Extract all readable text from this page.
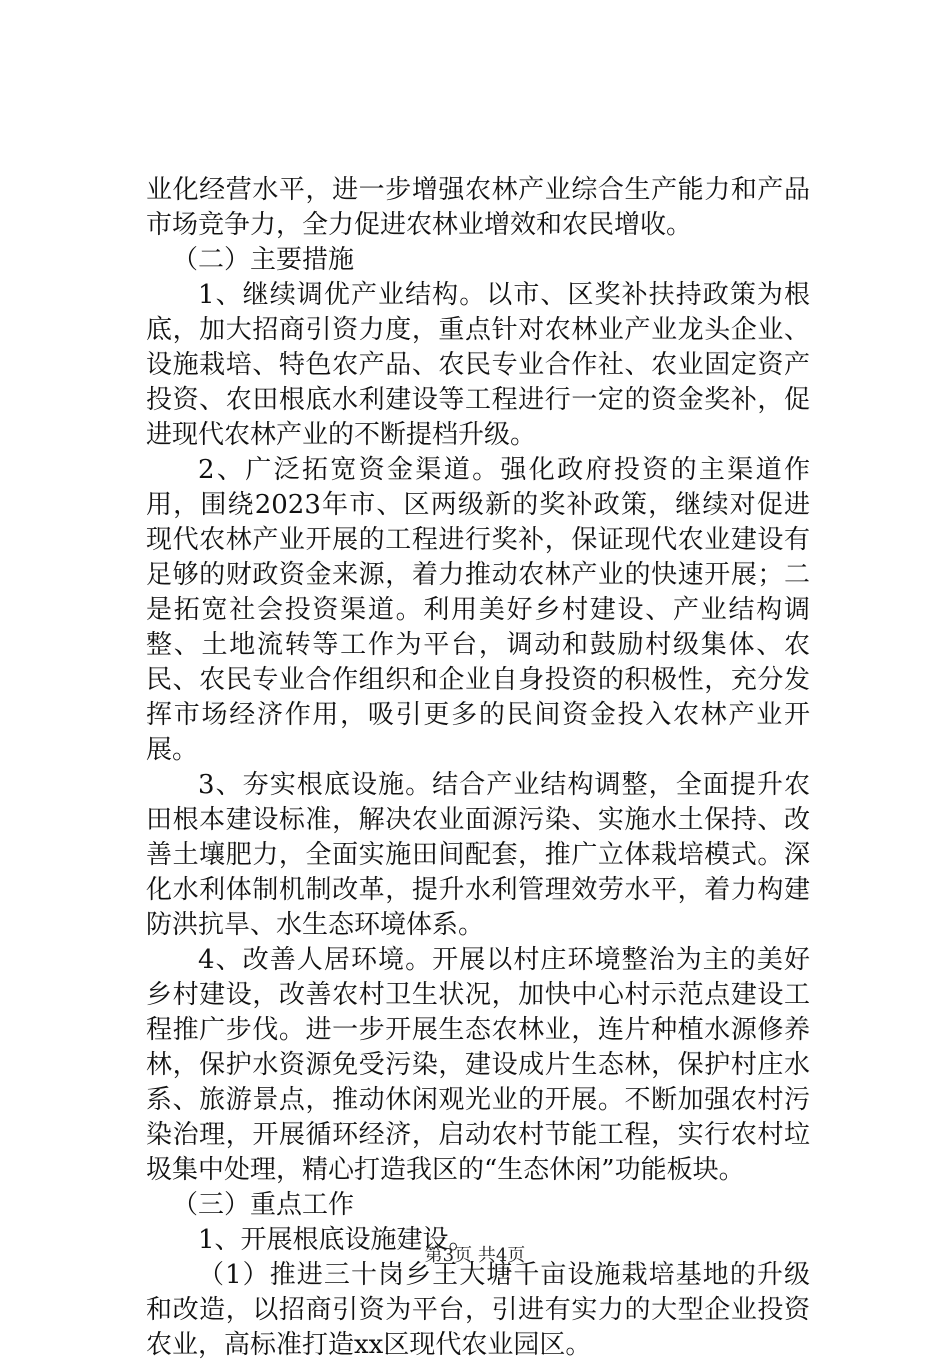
业化经营水平，进一步增强农林产业综合生产能力和产品市场竞争力，全力促进农林业增效和农民增收。

（二）主要措施

1、继续调优产业结构。以市、区奖补扶持政策为根底，加大招商引资力度，重点针对农林业产业龙头企业、设施栽培、特色农产品、农民专业合作社、农业固定资产投资、农田根底水利建设等工程进行一定的资金奖补，促进现代农林产业的不断提档升级。

2、广泛拓宽资金渠道。强化政府投资的主渠道作用，围绕2023年市、区两级新的奖补政策，继续对促进现代农林产业开展的工程进行奖补，保证现代农业建设有足够的财政资金来源，着力推动农林产业的快速开展；二是拓宽社会投资渠道。利用美好乡村建设、产业结构调整、土地流转等工作为平台，调动和鼓励村级集体、农民、农民专业合作组织和企业自身投资的积极性，充分发挥市场经济作用，吸引更多的民间资金投入农林产业开展。

3、夯实根底设施。结合产业结构调整，全面提升农田根本建设标准，解决农业面源污染、实施水土保持、改善土壤肥力，全面实施田间配套，推广立体栽培模式。深化水利体制机制改革，提升水利管理效劳水平，着力构建防洪抗旱、水生态环境体系。

4、改善人居环境。开展以村庄环境整治为主的美好乡村建设，改善农村卫生状况，加快中心村示范点建设工程推广步伐。进一步开展生态农林业，连片种植水源修养林，保护水资源免受污染，建设成片生态林，保护村庄水系、旅游景点，推动休闲观光业的开展。不断加强农村污染治理，开展循环经济，启动农村节能工程，实行农村垃圾集中处理，精心打造我区的“生态休闲”功能板块。

（三）重点工作

1、开展根底设施建设。

（1）推进三十岗乡王大塘千亩设施栽培基地的升级和改造，以招商引资为平台，引进有实力的大型企业投资农业，高标准打造xx区现代农业园区。

第3页 共4页
